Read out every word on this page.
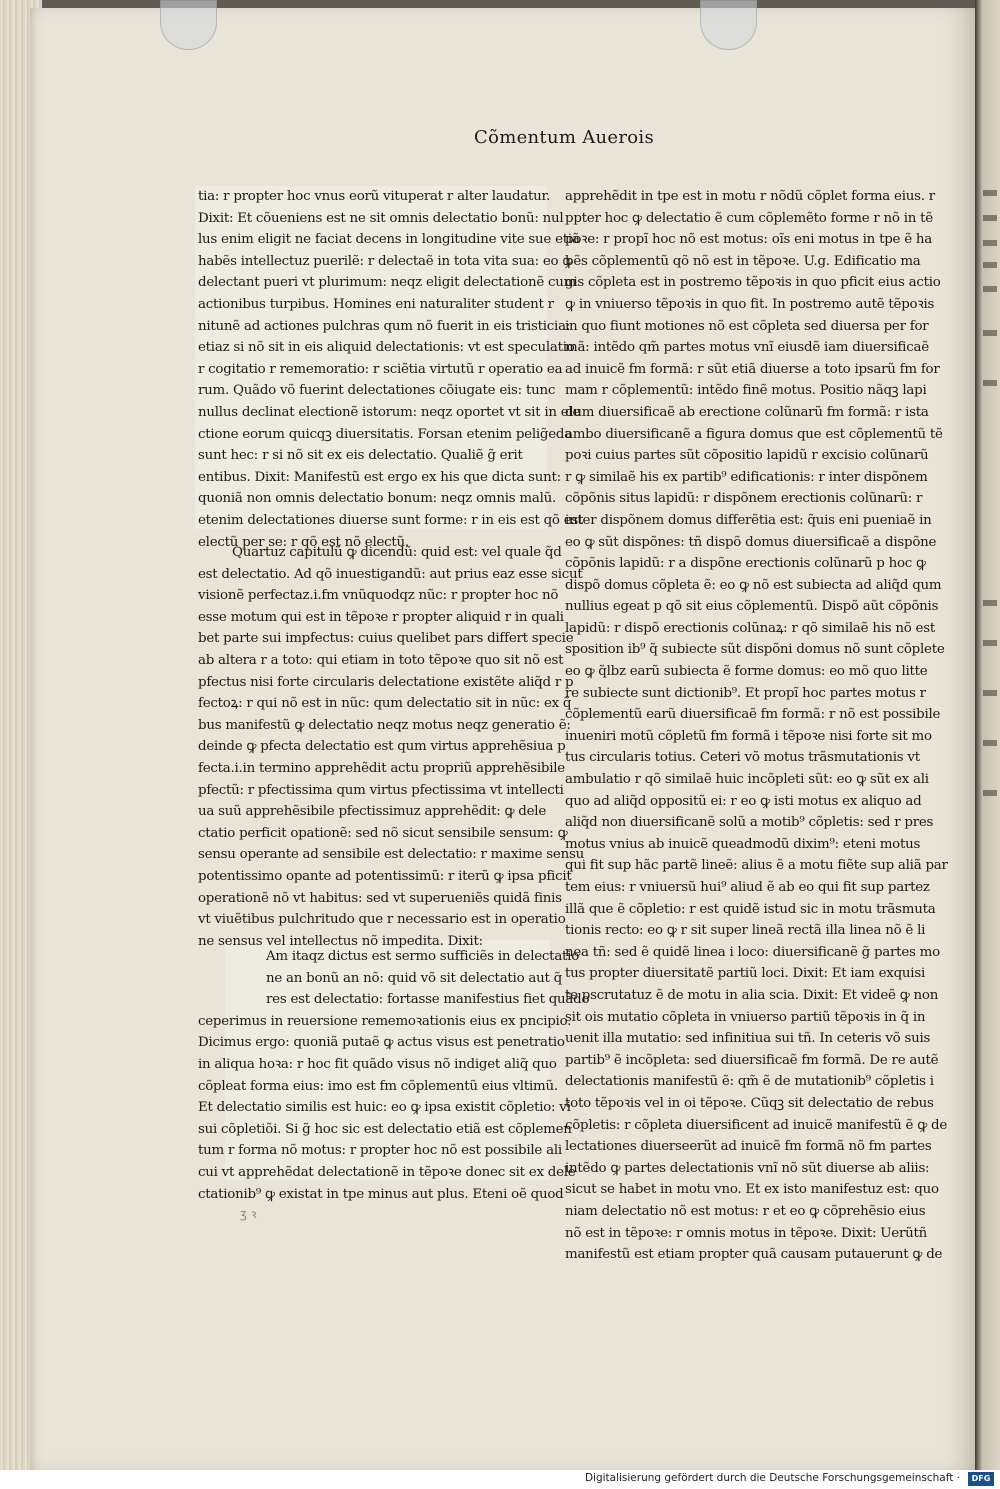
Cõmentum Auerois
tia: r propter hoc vnus eorũ vituperat r alter laudatur.
Dixit: Et cõueniens est ne sit omnis delectatio bonũ: nul
lus enim eligit ne faciat decens in longitudine vite sue etiã
habẽs intellectuz puerilẽ: r delectaẽ in tota vita sua: eo ꝙ
delectant pueri vt plurimum: neqz eligit delectationẽ cum
actionibus turpibus. Homines eni naturaliter student r
nitunẽ ad actiones pulchras qum nõ fuerit in eis tristicia:
etiaz si nõ sit in eis aliquid delectationis: vt est speculatio
r cogitatio r rememoratio: r sciẽtia virtutũ r operatio ea
rum. Quãdo võ fuerint delectationes cõiugate eis: tunc
nullus declinat electionẽ istorum: neqz oportet vt sit in ele
ctione eorum quicqꝫ diuersitatis. Forsan etenim pelig̃eda
sunt hec: r si nõ sit ex eis delectatio. Qualiẽ g̃ erit
entibus. Dixit: Manifestũ est ergo ex his que dicta sunt:
quoniã non omnis delectatio bonum: neqz omnis malũ.
etenim delectationes diuerse sunt forme: r in eis est qõ est
electũ per se: r qõ est nõ electũ.
Quartuz capitulũ ꝙ dicendũ: quid est: vel quale q̃d
est delectatio. Ad qõ inuestigandũ: aut prius eaz esse sicut
visionẽ perfectaz.i.fm vnũquodqz nũc: r propter hoc nõ
esse motum qui est in tẽpoꝛe r propter aliquid r in quali
bet parte sui impfectus: cuius quelibet pars differt specie
ab altera r a toto: qui etiam in toto tẽpoꝛe quo sit nõ est
pfectus nisi forte circularis delectatione existẽte aliq̃d r p
fectoꝝ: r qui nõ est in nũc: qum delectatio sit in nũc: ex q̃
bus manifestũ ꝙ delectatio neqz motus neqz generatio ẽ:
deinde ꝙ pfecta delectatio est qum virtus apprehẽsiua p
fecta.i.in termino apprehẽdit actu propriũ apprehẽsibile
pfectũ: r pfectissima qum virtus pfectissima vt intellecti
ua suũ apprehẽsibile pfectissimuz apprehẽdit: ꝙ dele
ctatio perficit opationẽ: sed nõ sicut sensibile sensum: ꝙ
sensu operante ad sensibile est delectatio: r maxime sensu
potentissimo opante ad potentissimũ: r iterũ ꝙ ipsa pficit
operationẽ nõ vt habitus: sed vt superueniẽs quidã finis
vt viuẽtibus pulchritudo que r necessario est in operatio
ne sensus vel intellectus nõ impedita. Dixit:
Am itaqz dictus est sermo sufficiẽs in delectatio
ne an bonũ an nõ: quid võ sit delectatio aut q̃
res est delectatio: fortasse manifestius fiet quãdo
ceperimus in reuersione rememoꝛationis eius ex pncipio.
Dicimus ergo: quoniã putaẽ ꝙ actus visus est penetratio
in aliqua hoꝛa: r hoc fit quãdo visus nõ indiget aliq̃ quo
cõpleat forma eius: imo est fm cõplementũ eius vltimũ.
Et delectatio similis est huic: eo ꝙ ipsa existit cõpletio: vi
sui cõpletiõi. Si g̃ hoc sic est delectatio etiã est cõplemen
tum r forma nõ motus: r propter hoc nõ est possibile ali
cui vt apprehẽdat delectationẽ in tẽpoꝛe donec sit ex dele
ctationib⁹ ꝙ existat in tpe minus aut plus. Eteni oẽ quod
apprehẽdit in tpe est in motu r nõdũ cõplet forma eius. r
ppter hoc ꝙ delectatio ẽ cum cõplemẽto forme r nõ in tẽ
poꝛe: r propĩ hoc nõ est motus: oĩs eni motus in tpe ẽ ha
bẽs cõplementũ qõ nõ est in tẽpoꝛe. U.g. Edificatio ma
gis cõpleta est in postremo tẽpoꝛis in quo pficit eius actio
ꝙ in vniuerso tẽpoꝛis in quo fit. In postremo autẽ tẽpoꝛis
in quo fiunt motiones nõ est cõpleta sed diuersa per for
mã: intẽdo qm̃ partes motus vnĩ eiusdẽ iam diuersificaẽ
ad inuicẽ fm formã: r sũt etiã diuerse a toto ipsarũ fm for
mam r cõplementũ: intẽdo finẽ motus. Positio nãqꝫ lapi
dum diuersificaẽ ab erectione colũnarũ fm formã: r ista
ambo diuersificanẽ a figura domus que est cõplementũ tẽ
poꝛi cuius partes sũt cõpositio lapidũ r excisio colũnarũ
r ꝙ similaẽ his ex partib⁹ edificationis: r inter dispõnem
cõpõnis situs lapidũ: r dispõnem erectionis colũnarũ: r
inter dispõnem domus differẽtia est: q̃uis eni pueniaẽ in
eo ꝙ sũt dispõnes: tñ dispõ domus diuersificaẽ a dispõne
cõpõnis lapidũ: r a dispõne erectionis colũnarũ p hoc ꝙ
dispõ domus cõpleta ẽ: eo ꝙ nõ est subiecta ad aliq̃d qum
nullius egeat p qõ sit eius cõplementũ. Dispõ aũt cõpõnis
lapidũ: r dispõ erectionis colũnaꝝ: r qõ similaẽ his nõ est
sposition ib⁹ q̃ subiecte sũt dispõni domus nõ sunt cõplete
eo ꝙ q̃lbz earũ subiecta ẽ forme domus: eo mõ quo litte
re subiecte sunt dictionib⁹. Et propĩ hoc partes motus r
cõplementũ earũ diuersificaẽ fm formã: r nõ est possibile
inueniri motũ cõpletũ fm formã i tẽpoꝛe nisi forte sit mo
tus circularis totius. Ceteri võ motus trãsmutationis vt
ambulatio r qõ similaẽ huic incõpleti sũt: eo ꝙ sũt ex ali
quo ad aliq̃d oppositũ ei: r eo ꝙ isti motus ex aliquo ad
aliq̃d non diuersificanẽ solũ a motib⁹ cõpletis: sed r pres
motus vnius ab inuicẽ queadmodũ dixim⁹: eteni motus
qui fit sup hãc partẽ lineẽ: alius ẽ a motu fiẽte sup aliã par
tem eius: r vniuersũ hui⁹ aliud ẽ ab eo qui fit sup partez
illã que ẽ cõpletio: r est quidẽ istud sic in motu trãsmuta
tionis recto: eo ꝙ r sit super lineã rectã illa linea nõ ẽ li
nea tñ: sed ẽ quidẽ linea i loco: diuersificanẽ g̃ partes mo
tus propter diuersitatẽ partiũ loci. Dixit: Et iam exquisi
te pscrutatuz ẽ de motu in alia scia. Dixit: Et videẽ ꝙ non
sit ois mutatio cõpleta in vniuerso partiũ tẽpoꝛis in q̃ in
uenit illa mutatio: sed infinitiua sui tñ. In ceteris võ suis
partib⁹ ẽ incõpleta: sed diuersificaẽ fm formã. De re autẽ
delectationis manifestũ ẽ: qm̃ ẽ de mutationib⁹ cõpletis i
toto tẽpoꝛis vel in oi tẽpoꝛe. Cũqꝫ sit delectatio de rebus
cõpletis: r cõpleta diuersificent ad inuicẽ manifestũ ẽ ꝙ de
lectationes diuerseerũt ad inuicẽ fm formã nõ fm partes
intẽdo ꝙ partes delectationis vnĩ nõ sũt diuerse ab aliis:
sicut se habet in motu vno. Et ex isto manifestuz est: quo
niam delectatio nõ est motus: r et eo ꝙ cõprehẽsio eius
nõ est in tẽpoꝛe: r omnis motus in tẽpoꝛe. Dixit: Uerũtñ
manifestũ est etiam propter quã causam putauerunt ꝙ de
ʒ ꝛ
Digitalisierung gefördert durch die Deutsche Forschungsgemeinschaft ·	DFG
